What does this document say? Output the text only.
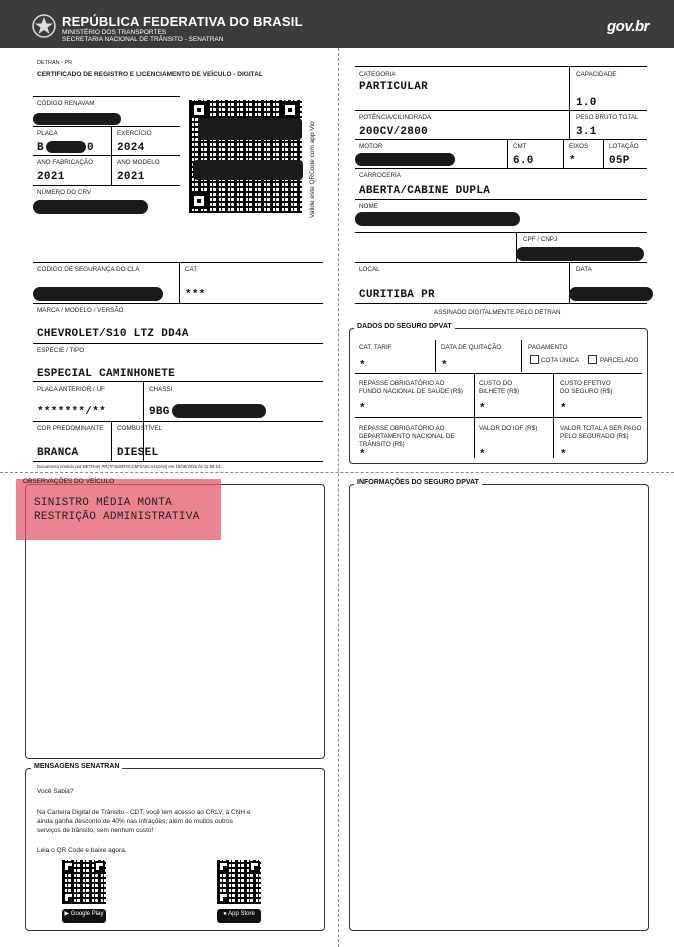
REPÚBLICA FEDERATIVA DO BRASIL
MINISTÉRIO DOS TRANSPORTES
SECRETARIA NACIONAL DE TRÂNSITO - SENATRAN
gov.br
DETRAN - PR
CERTIFICADO DE REGISTRO E LICENCIAMENTO DE VEÍCULO - DIGITAL
CÓDIGO RENAVAM
PLACA
B	0
EXERCÍCIO
2024
ANO FABRICAÇÃO
2021
ANO MODELO
2021
NÚMERO DO CRV	Valide este QRCode com app Vio
CÓDIGO DE SEGURANÇA DO CLA	CAT
***
MARCA / MODELO / VERSÃO
CHEVROLET/S10 LTZ DD4A
ESPÉCIE / TIPO
ESPECIAL CAMINHONETE
PLACA ANTERIOR / UF
*******/**
CHASSI
9BG
COR PREDOMINANTE
BRANCA
COMBUSTÍVEL
DIESEL
Documento emitido por DETRAN PR(7F1509F0CC5F0A8CA410A8) em 16/08/2025 às 11:56:14.
CATEGORIA
PARTICULAR
CAPACIDADE
1.0
POTÊNCIA/CILINDRADA
200CV/2800
PESO BRUTO TOTAL
3.1
MOTOR	CMT
6.0
EIXOS
*
LOTAÇÃO
05P
CARROCERIA
ABERTA/CABINE DUPLA
NOME
CPF / CNPJ
LOCAL
CURITIBA PR
DATA
ASSINADO DIGITALMENTE PELO DETRAN
DADOS DO SEGURO DPVAT
CAT. TARIF
*
DATA DE QUITAÇÃO
*
PAGAMENTO
COTA ÚNICA	PARCELADO
REPASSE OBRIGATÓRIO AO
FUNDO NACIONAL DE SAÚDE (R$)
*
CUSTO DO
BILHETE (R$)
*
CUSTO EFETIVO
DO SEGURO (R$)
*
REPASSE OBRIGATÓRIO AO
DEPARTAMENTO NACIONAL DE
TRÂNSITO (R$)
*
VALOR DO IOF (R$)
*
VALOR TOTAL A SER PAGO
PELO SEGURADO (R$)
*
OBSERVAÇÕES DO VEÍCULO
SINISTRO MÉDIA MONTA
RESTRIÇÃO ADMINISTRATIVA
MENSAGENS SENATRAN
Você Sabia?
Na Carteira Digital de Trânsito - CDT, você tem acesso ao CRLV, à CNH e
ainda ganha desconto de 40% nas infrações, além de muitos outros
serviços de trânsito, sem nenhum custo!
Leia o QR Code e baixe agora.
▶ Google Play	● App Store
INFORMAÇÕES DO SEGURO DPVAT
